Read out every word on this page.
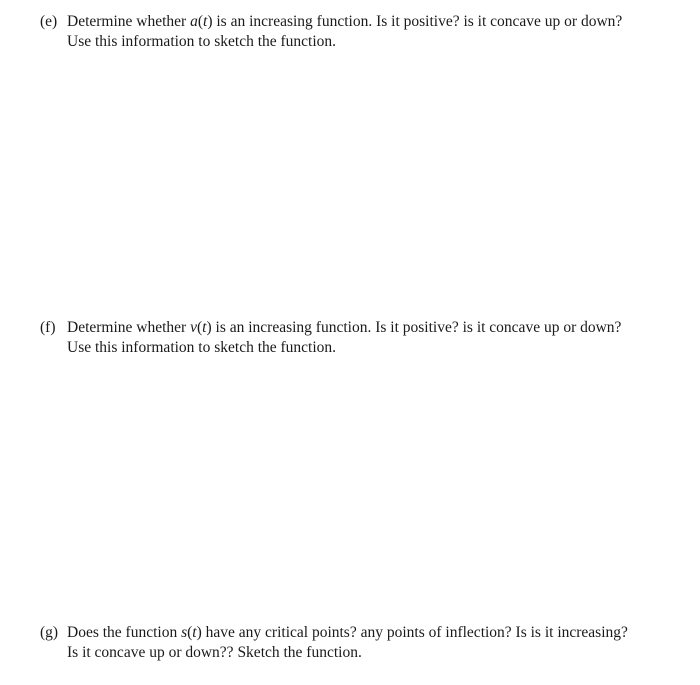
(e) Determine whether a(t) is an increasing function. Is it positive? is it concave up or down?
Use this information to sketch the function.
(f) Determine whether v(t) is an increasing function. Is it positive? is it concave up or down?
Use this information to sketch the function.
(g) Does the function s(t) have any critical points? any points of inflection? Is is it increasing?
Is it concave up or down?? Sketch the function.
